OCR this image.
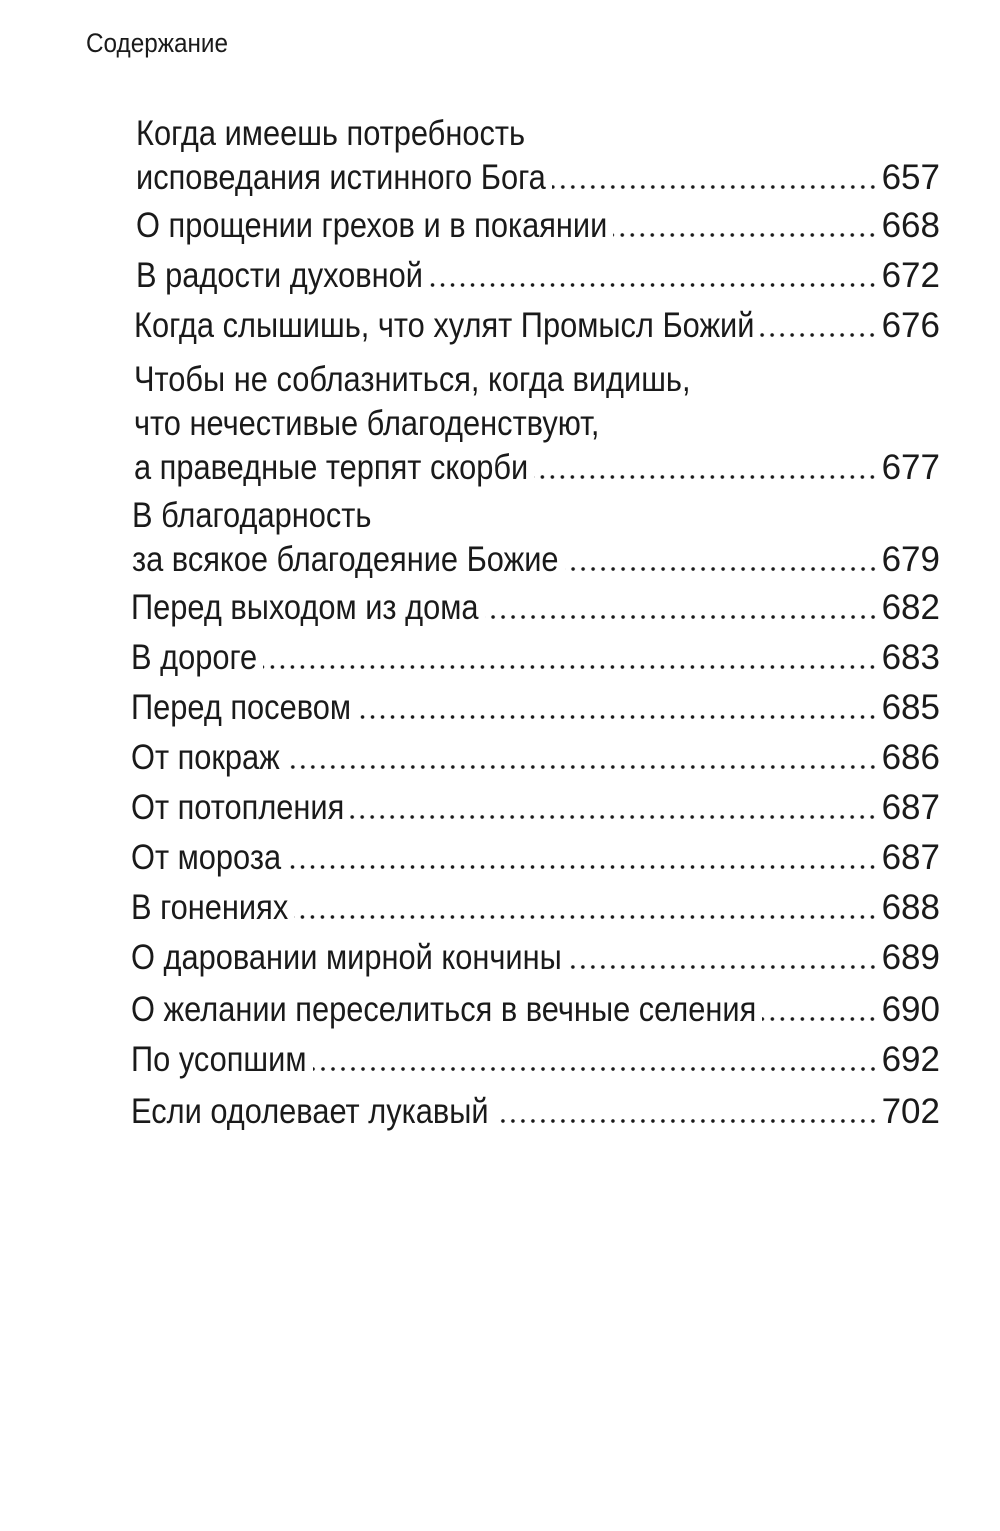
Содержание
Когда имеешь потребность
исповедания истинного Бога	657
О прощении грехов и в покаянии	668
В радости духовной	672
Когда слышишь, что хулят Промысл Божий	676
Чтобы не соблазниться, когда видишь,что нечестивые благоденствуют,
а праведные терпят скорби	677
В благодарность
за всякое благодеяние Божие	679
Перед выходом из дома	682
В дороге	683
Перед посевом	685
От покраж	686
От потопления	687
От мороза	687
В гонениях	688
О даровании мирной кончины	689
О желании переселиться в вечные селения	690
По усопшим	692
Если одолевает лукавый	702
